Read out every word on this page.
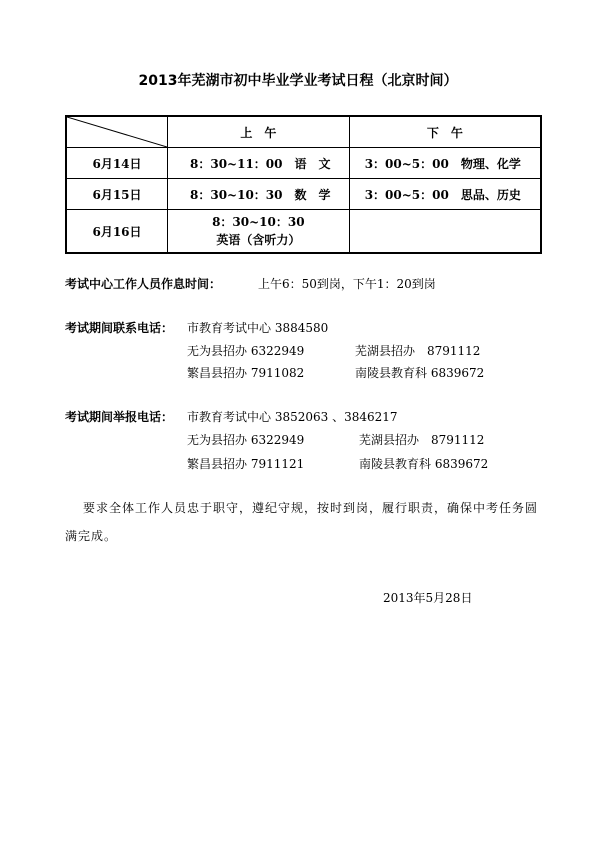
2013年芜湖市初中毕业学业考试日程（北京时间）
	上　午	下　午
6月14日	8：30~11：00　语　文	3：00~5：00　物理、化学
6月15日	8：30~10：30　数　学	3：00~5：00　思品、历史
6月16日	8：30~10：30
英语（含听力）	

考试中心工作人员作息时间：	上午6：50到岗，下午1：20到岗
考试期间联系电话： 市教育考试中心 3884580
无为县招办 6322949	芜湖县招办　8791112
繁昌县招办 7911082	南陵县教育科 6839672
考试期间举报电话： 市教育考试中心 3852063 、3846217
无为县招办 6322949	芜湖县招办　8791112
繁昌县招办 7911121	南陵县教育科 6839672
要求全体工作人员忠于职守，遵纪守规，按时到岗，履行职责，确保中考任务圆满完成。
2013年5月28日
